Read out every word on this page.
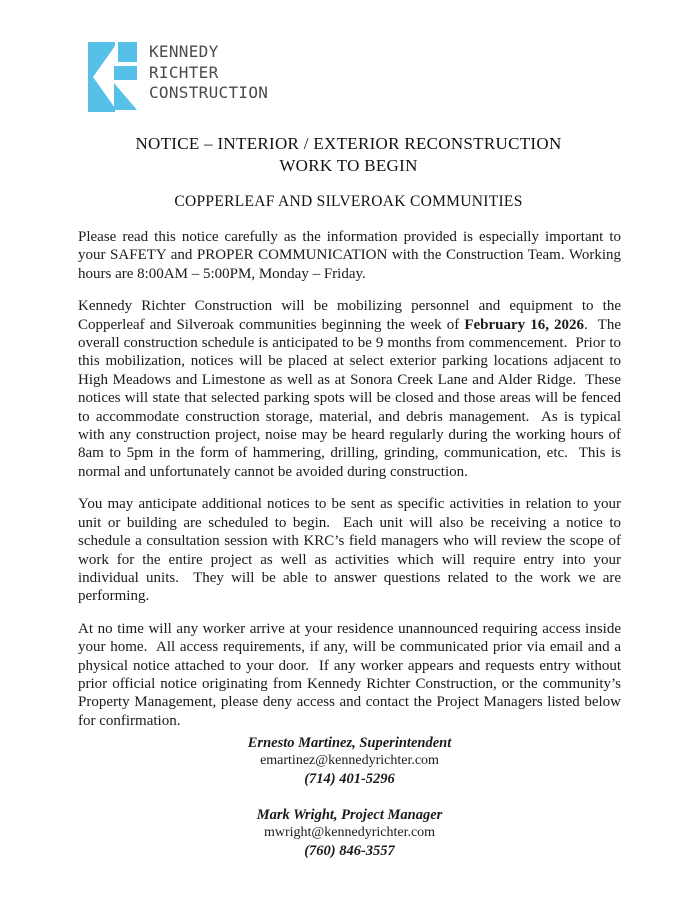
KENNEDY
RICHTER
CONSTRUCTION
NOTICE – INTERIOR / EXTERIOR RECONSTRUCTION
WORK TO BEGIN
COPPERLEAF AND SILVEROAK COMMUNITIES

Please read this notice carefully as the information provided is especially important to your SAFETY and PROPER COMMUNICATION with the Construction Team. Working hours are 8:00AM – 5:00PM, Monday – Friday.

Kennedy Richter Construction will be mobilizing personnel and equipment to the Copperleaf and Silveroak communities beginning the week of February 16, 2026.  The overall construction schedule is anticipated to be 9 months from commencement.  Prior to this mobilization, notices will be placed at select exterior parking locations adjacent to High Meadows and Limestone as well as at Sonora Creek Lane and Alder Ridge.  These notices will state that selected parking spots will be closed and those areas will be fenced to accommodate construction storage, material, and debris management.  As is typical with any construction project, noise may be heard regularly during the working hours of 8am to 5pm in the form of hammering, drilling, grinding, communication, etc.  This is normal and unfortunately cannot be avoided during construction.

You may anticipate additional notices to be sent as specific activities in relation to your unit or building are scheduled to begin.  Each unit will also be receiving a notice to schedule a consultation session with KRC’s field managers who will review the scope of work for the entire project as well as activities which will require entry into your individual units.  They will be able to answer questions related to the work we are performing.

At no time will any worker arrive at your residence unannounced requiring access inside your home.  All access requirements, if any, will be communicated prior via email and a physical notice attached to your door.  If any worker appears and requests entry without prior official notice originating from Kennedy Richter Construction, or the community’s Property Management, please deny access and contact the Project Managers listed below for confirmation.

Ernesto Martinez, Superintendent
emartinez@kennedyrichter.com
(714) 401-5296
Mark Wright, Project Manager
mwright@kennedyrichter.com
(760) 846-3557
